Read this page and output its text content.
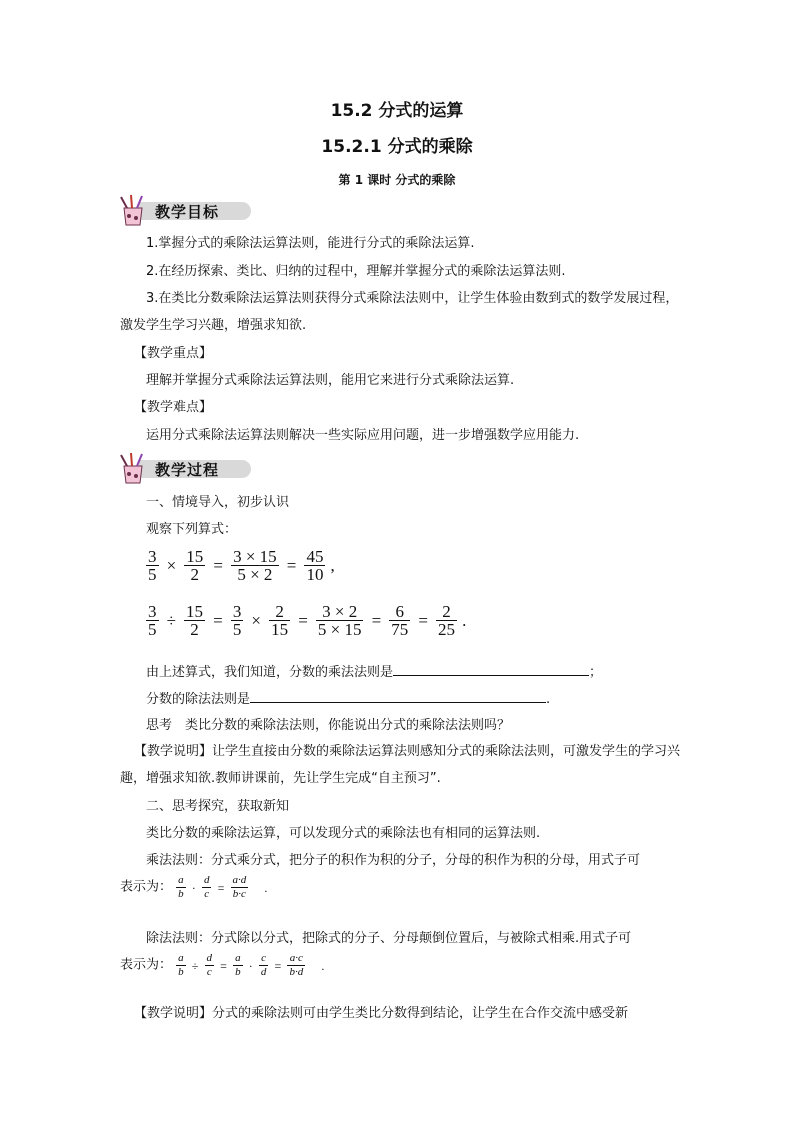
15.2 分式的运算
15.2.1 分式的乘除
第 1 课时 分式的乘除
教学目标
1.掌握分式的乘除法运算法则，能进行分式的乘除法运算.
2.在经历探索、类比、归纳的过程中，理解并掌握分式的乘除法运算法则.
3.在类比分数乘除法运算法则获得分式乘除法法则中，让学生体验由数到式的数学发展过程，激发学生学习兴趣，增强求知欲.
【教学重点】
理解并掌握分式乘除法运算法则，能用它来进行分式乘除法运算.
【教学难点】
运用分式乘除法运算法则解决一些实际应用问题，进一步增强数学应用能力.
教学过程
一、情境导入，初步认识
观察下列算式：
$\frac{3}{5} \times \frac{15}{2} = \frac{3 \times 15}{5 \times 2} = \frac{45}{10}$ ,
$\frac{3}{5} \div \frac{15}{2} = \frac{3}{5} \times \frac{2}{15} = \frac{3 \times 2}{5 \times 15} = \frac{6}{75} = \frac{2}{25}$ .
由上述算式，我们知道，分数的乘法法则是	；
分数的除法法则是	.
思考　类比分数的乘除法法则，你能说出分式的乘除法法则吗？
【教学说明】让学生直接由分数的乘除法运算法则感知分式的乘除法法则，可激发学生的学习兴趣，增强求知欲.教师讲课前，先让学生完成“自主预习”.
二、思考探究，获取新知
类比分数的乘除法运算，可以发现分式的乘除法也有相同的运算法则.
乘法法则：分式乘分式，把分子的积作为积的分子，分母的积作为积的分母，用式子可
表示为： $\frac{a}{b} \cdot \frac{d}{c} = \frac{a\cdot d}{b\cdot c}$ .
除法法则：分式除以分式，把除式的分子、分母颠倒位置后，与被除式相乘.用式子可
表示为： $\frac{a}{b} \div \frac{d}{c} = \frac{a}{b} \cdot \frac{c}{d} = \frac{a\cdot c}{b\cdot d}$ .
【教学说明】分式的乘除法则可由学生类比分数得到结论，让学生在合作交流中感受新
